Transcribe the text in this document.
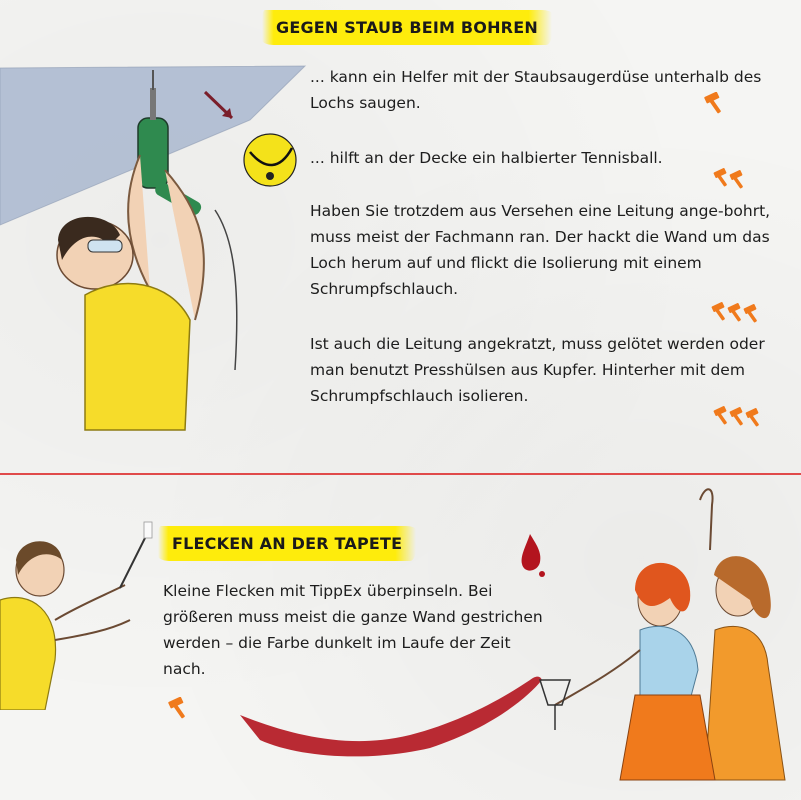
GEGEN STAUB BEIM BOHREN

... kann ein Helfer mit der Staubsaugerdüse unterhalb des Lochs saugen.

... hilft an der Decke ein halbierter Tennisball.

Haben Sie trotzdem aus Versehen eine Leitung ange-bohrt, muss meist der Fachmann ran. Der hackt die Wand um das Loch herum auf und flickt die Isolierung mit einem Schrumpfschlauch.

Ist auch die Leitung angekratzt, muss gelötet werden oder man benutzt Presshülsen aus Kupfer. Hinterher mit dem Schrumpfschlauch isolieren.

FLECKEN AN DER TAPETE

Kleine Flecken mit TippEx überpinseln. Bei größeren muss meist die ganze Wand gestrichen werden – die Farbe dunkelt im Laufe der Zeit nach.
